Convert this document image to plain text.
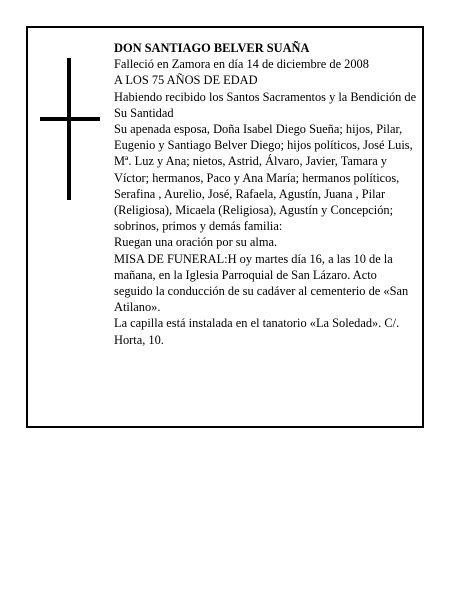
DON SANTIAGO BELVER SUAÑA

Falleció en Zamora en día 14 de diciembre de 2008

A LOS 75 AÑOS DE EDAD

Habiendo recibido los Santos Sacramentos y la Bendición de Su Santidad

Su apenada esposa, Doña Isabel Diego Sueña; hijos, Pilar, Eugenio y Santiago Belver Diego; hijos políticos, José Luis, Mª. Luz y Ana; nietos, Astrid, Álvaro, Javier, Tamara y Víctor; hermanos, Paco y Ana María; hermanos políticos, Serafina , Aurelio, José, Rafaela, Agustín, Juana , Pilar (Religiosa), Micaela (Religiosa), Agustín y Concepción; sobrinos, primos y demás familia:

Ruegan una oración por su alma.

MISA DE FUNERAL:H oy martes día 16, a las 10 de la mañana, en la Iglesia Parroquial de San Lázaro. Acto seguido la conducción de su cadáver al cementerio de «San Atilano».

La capilla está instalada en el tanatorio «La Soledad». C/. Horta, 10.
